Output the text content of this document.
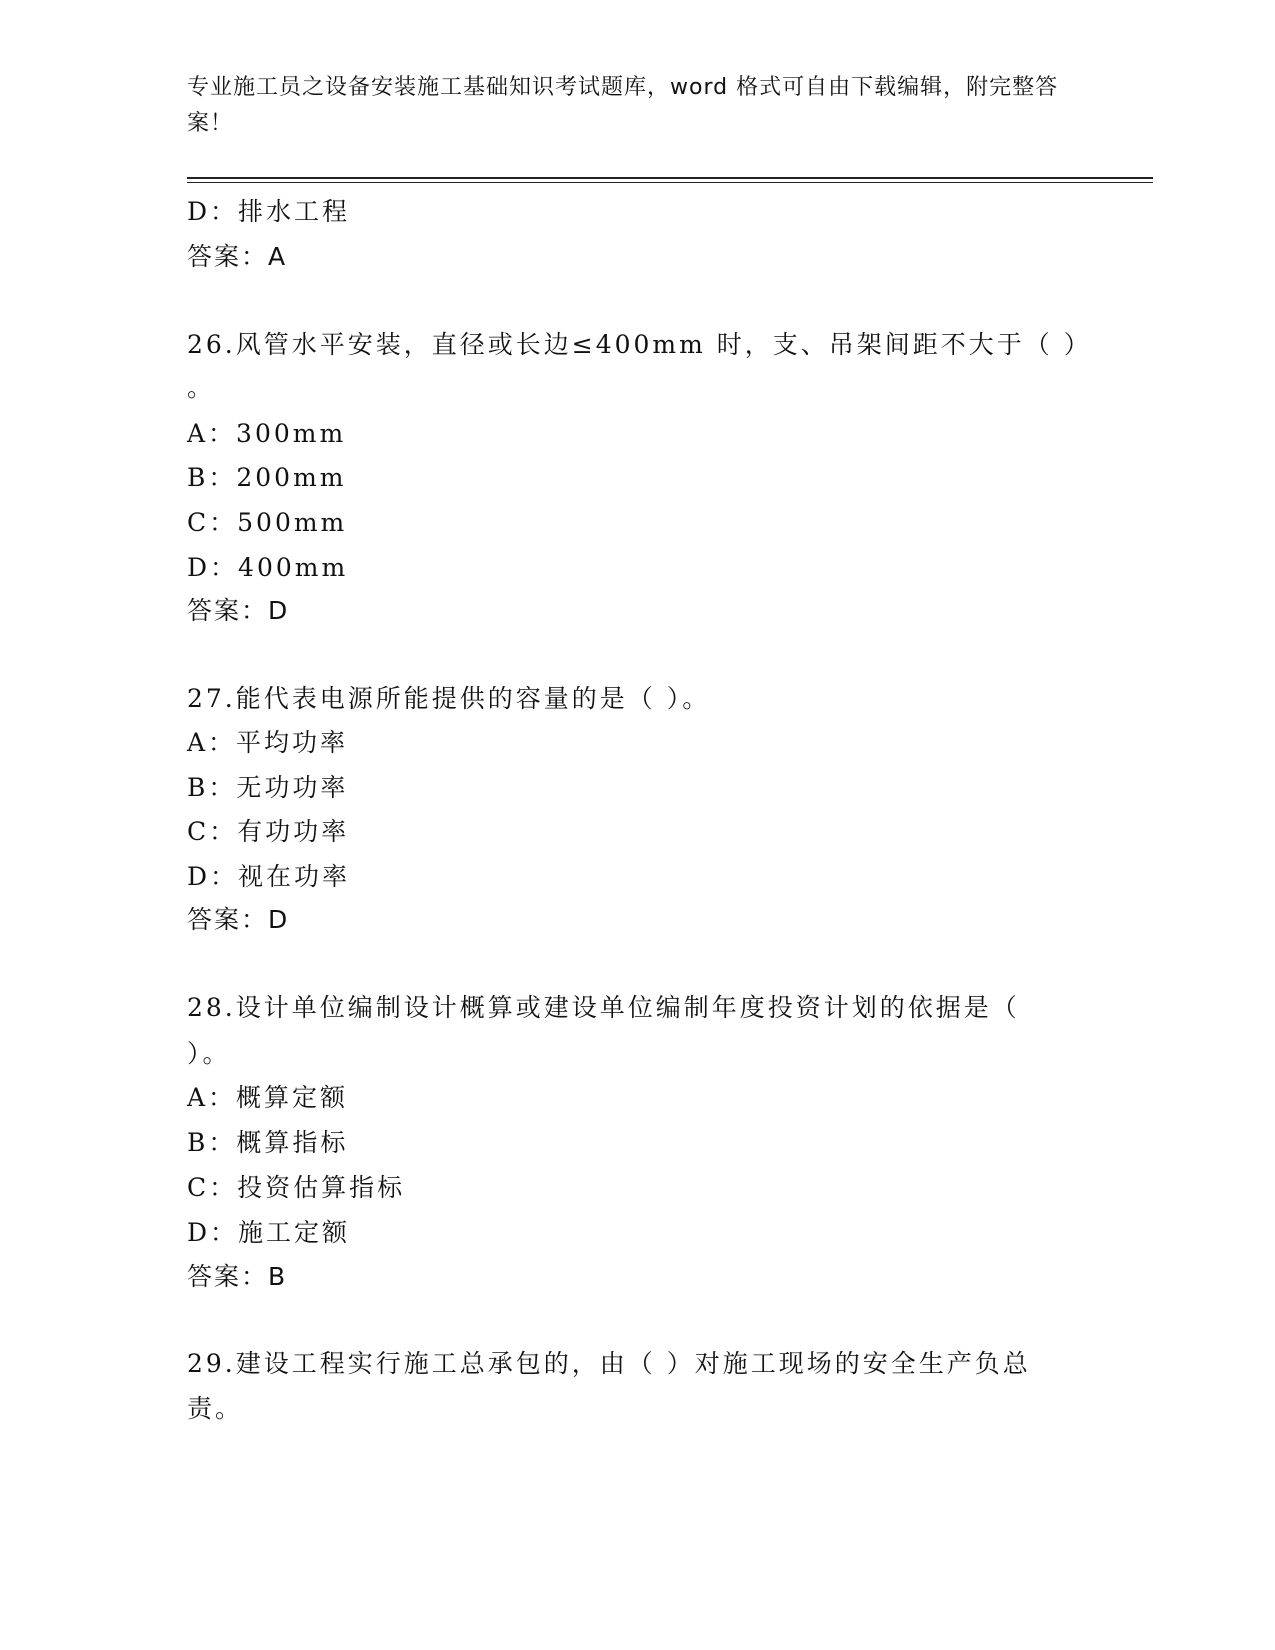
专业施工员之设备安装施工基础知识考试题库，word 格式可自由下载编辑，附完整答案！
D：排水工程
答案：A
26.风管水平安装，直径或长边≤400mm 时，支、吊架间距不大于（ ）
。
A：300mm
B：200mm
C：500mm
D：400mm
答案：D
27.能代表电源所能提供的容量的是（ ）。
A：平均功率
B：无功功率
C：有功功率
D：视在功率
答案：D
28.设计单位编制设计概算或建设单位编制年度投资计划的依据是（
）。
A：概算定额
B：概算指标
C：投资估算指标
D：施工定额
答案：B
29.建设工程实行施工总承包的，由（ ）对施工现场的安全生产负总
责。
